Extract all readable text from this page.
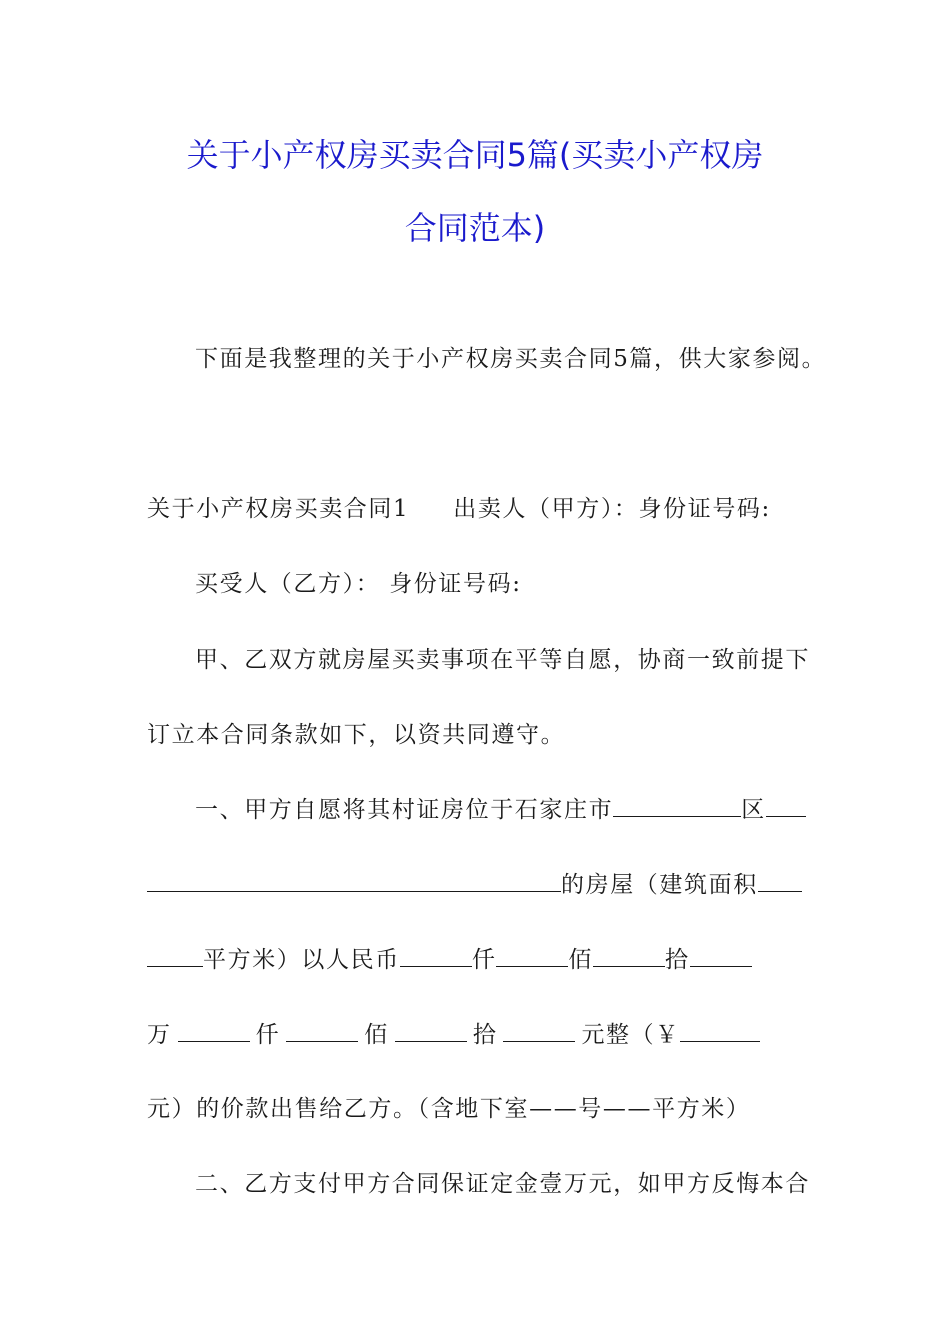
关于小产权房买卖合同5篇(买卖小产权房
合同范本)
下面是我整理的关于小产权房买卖合同5篇，供大家参阅。
关于小产权房买卖合同1 出卖人（甲方）：身份证号码:
买受人（乙方）： 身份证号码:
甲、乙双方就房屋买卖事项在平等自愿，协商一致前提下
订立本合同条款如下，以资共同遵守。
一、甲方自愿将其村证房位于石家庄市	区
的房屋（建筑面积
平方米）以人民币	仟	佰	拾
万	仟	佰	拾	元整（￥
元）的价款出售给乙方。（含地下室——号——平方米）
二、乙方支付甲方合同保证定金壹万元，如甲方反悔本合
